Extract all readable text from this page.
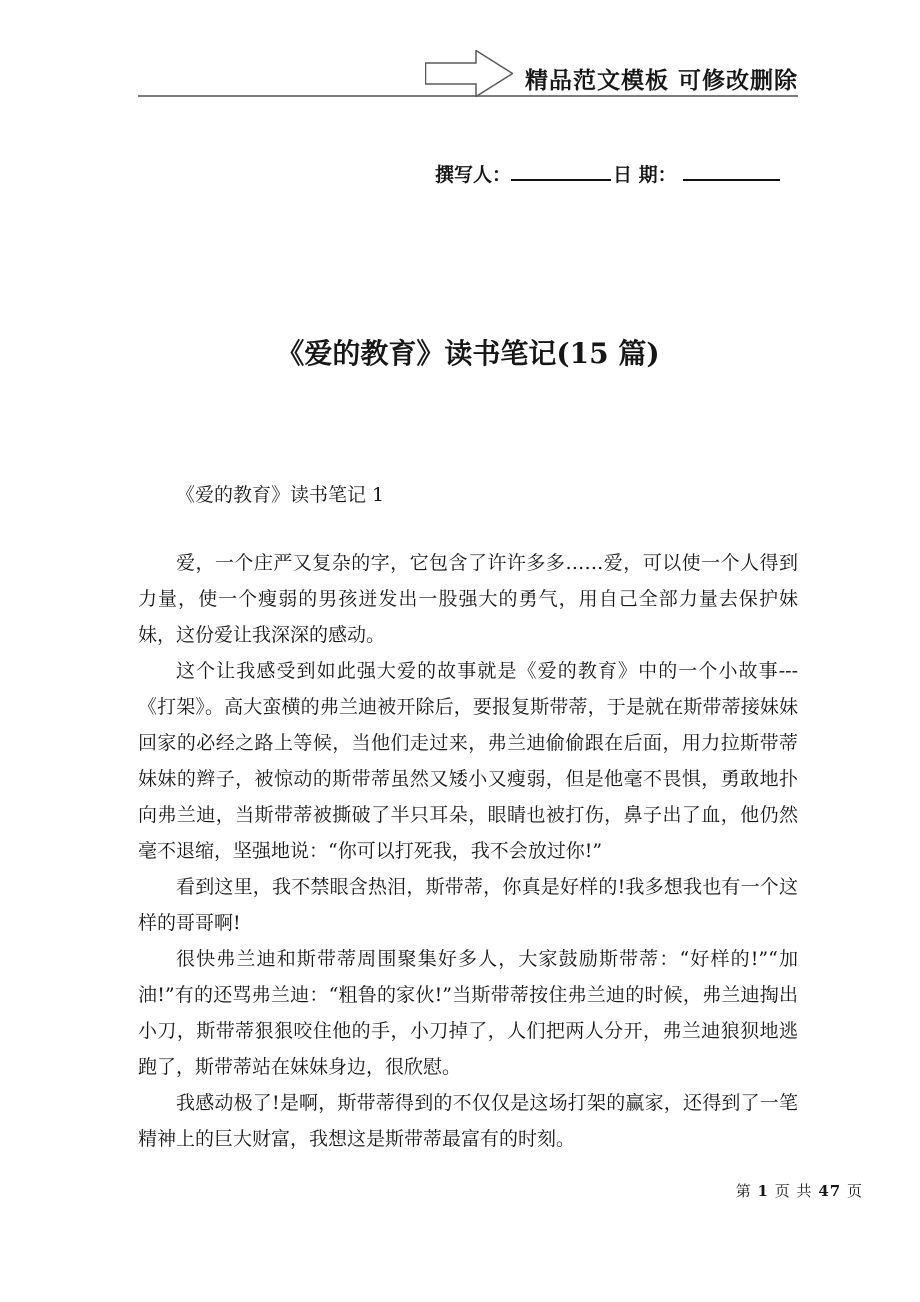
精品范文模板 可修改删除
撰写人：	日 期：
《爱的教育》读书笔记(15 篇)
《爱的教育》读书笔记 1

爱，一个庄严又复杂的字，它包含了许许多多……爱，可以使一个人得到力量，使一个瘦弱的男孩迸发出一股强大的勇气，用自己全部力量去保护妹妹，这份爱让我深深的感动。

这个让我感受到如此强大爱的故事就是《爱的教育》中的一个小故事---《打架》。高大蛮横的弗兰迪被开除后，要报复斯带蒂，于是就在斯带蒂接妹妹回家的必经之路上等候，当他们走过来，弗兰迪偷偷跟在后面，用力拉斯带蒂妹妹的辫子，被惊动的斯带蒂虽然又矮小又瘦弱，但是他毫不畏惧，勇敢地扑向弗兰迪，当斯带蒂被撕破了半只耳朵，眼睛也被打伤，鼻子出了血，他仍然毫不退缩，坚强地说：“你可以打死我，我不会放过你!”

看到这里，我不禁眼含热泪，斯带蒂，你真是好样的!我多想我也有一个这样的哥哥啊!

很快弗兰迪和斯带蒂周围聚集好多人，大家鼓励斯带蒂：“好样的!”“加油!”有的还骂弗兰迪：“粗鲁的家伙!”当斯带蒂按住弗兰迪的时候，弗兰迪掏出小刀，斯带蒂狠狠咬住他的手，小刀掉了，人们把两人分开，弗兰迪狼狈地逃跑了，斯带蒂站在妹妹身边，很欣慰。

我感动极了!是啊，斯带蒂得到的不仅仅是这场打架的赢家，还得到了一笔精神上的巨大财富，我想这是斯带蒂最富有的时刻。

第 1 页 共 47 页
